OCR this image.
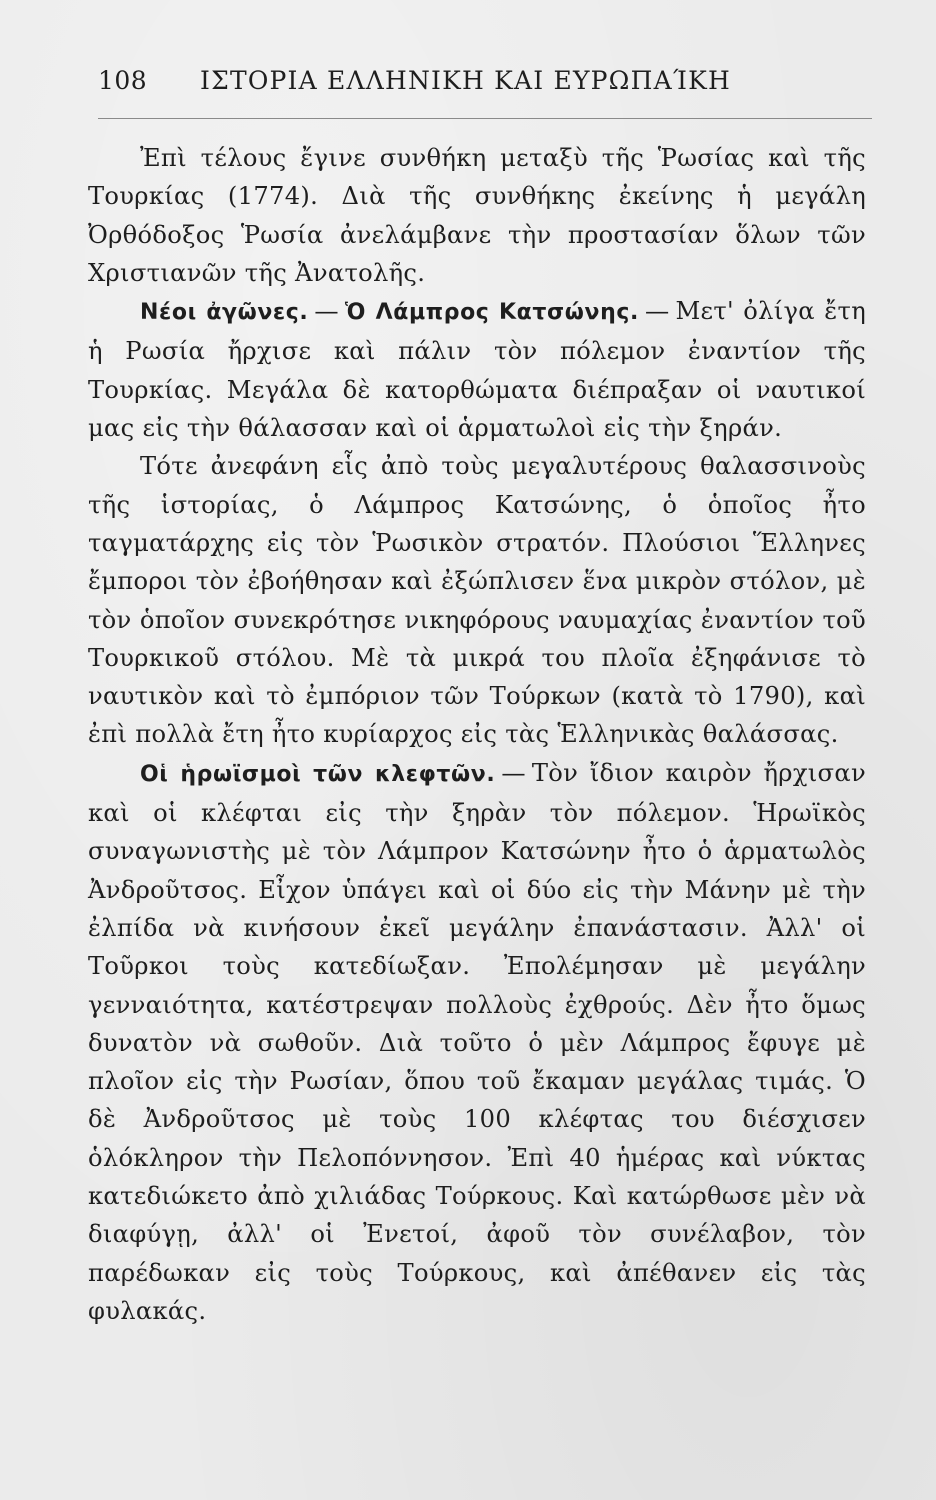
108	ΙΣΤΟΡΙΑ ΕΛΛΗΝΙΚΗ ΚΑΙ ΕΥΡΩΠΑΊΚΗ

Ἐπὶ τέλους ἔγινε συνθήκη μεταξὺ τῆς Ῥωσίας καὶ τῆς Τουρκίας (1774). Διὰ τῆς συνθήκης ἐκείνης ἡ μεγάλη Ὀρθόδοξος Ῥωσία ἀνελάμβανε τὴν προστασίαν ὅλων τῶν Χριστιανῶν τῆς Ἀνατολῆς.

Νέοι ἀγῶνες. — Ὁ Λάμπρος Κατσώνης. — Μετ' ὀλίγα ἔτη ἡ Ρωσία ἤρχισε καὶ πάλιν τὸν πόλεμον ἐναντίον τῆς Τουρκίας. Μεγάλα δὲ κατορθώματα διέπραξαν οἱ ναυτικοί μας εἰς τὴν θάλασσαν καὶ οἱ ἁρματωλοὶ εἰς τὴν ξηράν.

Τότε ἀνεφάνη εἷς ἀπὸ τοὺς μεγαλυτέρους θαλασσινοὺς τῆς ἱστορίας, ὁ Λάμπρος Κατσώνης, ὁ ὁποῖος ἦτο ταγματάρχης εἰς τὸν Ῥωσικὸν στρατόν. Πλούσιοι Ἕλληνες ἔμποροι τὸν ἐβοήθησαν καὶ ἐξώπλισεν ἕνα μικρὸν στόλον, μὲ τὸν ὁποῖον συνεκρότησε νικηφόρους ναυμαχίας ἐναντίον τοῦ Τουρκικοῦ στόλου. Μὲ τὰ μικρά του πλοῖα ἐξηφάνισε τὸ ναυτικὸν καὶ τὸ ἐμπόριον τῶν Τούρκων (κατὰ τὸ 1790), καὶ ἐπὶ πολλὰ ἔτη ἦτο κυρίαρχος εἰς τὰς Ἑλληνικὰς θαλάσσας.

Οἱ ἡρωϊσμοὶ τῶν κλεφτῶν. — Τὸν ἴδιον καιρὸν ἤρχισαν καὶ οἱ κλέφται εἰς τὴν ξηρὰν τὸν πόλεμον. Ἡρωϊκὸς συναγωνιστὴς μὲ τὸν Λάμπρον Κατσώνην ἦτο ὁ ἁρματωλὸς Ἀνδροῦτσος. Εἶχον ὑπάγει καὶ οἱ δύο εἰς τὴν Μάνην μὲ τὴν ἐλπίδα νὰ κινήσουν ἐκεῖ μεγάλην ἐπανάστασιν. Ἀλλ' οἱ Τοῦρκοι τοὺς κατεδίωξαν. Ἐπολέμησαν μὲ μεγάλην γενναιότητα, κατέστρεψαν πολλοὺς ἐχθρούς. Δὲν ἦτο ὅμως δυνατὸν νὰ σωθοῦν. Διὰ τοῦτο ὁ μὲν Λάμπρος ἔφυγε μὲ πλοῖον εἰς τὴν Ρωσίαν, ὅπου τοῦ ἔκαμαν μεγάλας τιμάς. Ὁ δὲ Ἀνδροῦτσος μὲ τοὺς 100 κλέφτας του διέσχισεν ὁλόκληρον τὴν Πελοπόννησον. Ἐπὶ 40 ἡμέρας καὶ νύκτας κατεδιώκετο ἀπὸ χιλιάδας Τούρκους. Καὶ κατώρθωσε μὲν νὰ διαφύγῃ, ἀλλ' οἱ Ἐνετοί, ἀφοῦ τὸν συνέλαβον, τὸν παρέδωκαν εἰς τοὺς Τούρκους, καὶ ἀπέθανεν εἰς τὰς φυλακάς.
